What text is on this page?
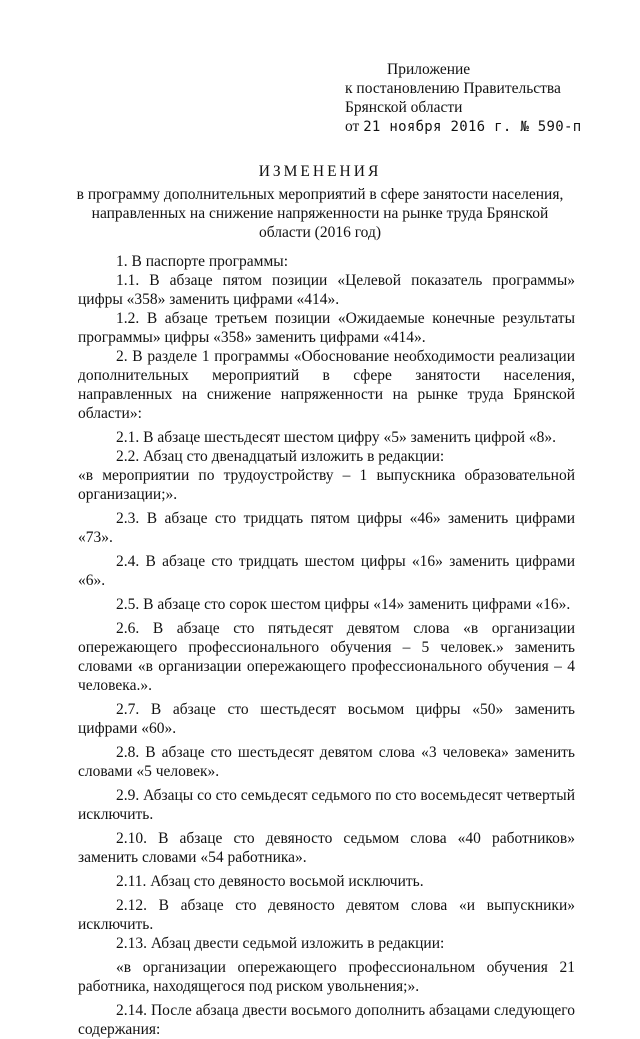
Приложение
к постановлению Правительства
Брянской области
от 21 ноября 2016 г. № 590-п
ИЗМЕНЕНИЯ
в программу дополнительных мероприятий в сфере занятости населения, направленных на снижение напряженности на рынке труда Брянской области (2016 год)

1. В паспорте программы:

1.1. В абзаце пятом позиции «Целевой показатель программы» цифры «358» заменить цифрами «414».

1.2. В абзаце третьем позиции «Ожидаемые конечные результаты программы» цифры «358» заменить цифрами «414».

2. В разделе 1 программы «Обоснование необходимости реализации дополнительных мероприятий в сфере занятости населения, направленных на снижение напряженности на рынке труда Брянской области»:

2.1. В абзаце шестьдесят шестом цифру «5» заменить цифрой «8».

2.2. Абзац сто двенадцатый изложить в редакции:

«в мероприятии по трудоустройству – 1 выпускника образовательной организации;».

2.3. В абзаце сто тридцать пятом цифры «46» заменить цифрами «73».

2.4. В абзаце сто тридцать шестом цифры «16» заменить цифрами «6».

2.5. В абзаце сто сорок шестом цифры «14» заменить цифрами «16».

2.6. В абзаце сто пятьдесят девятом слова «в организации опережающего профессионального обучения – 5 человек.» заменить словами «в организации опережающего профессионального обучения – 4 человека.».

2.7. В абзаце сто шестьдесят восьмом цифры «50» заменить цифрами «60».

2.8. В абзаце сто шестьдесят девятом слова «3 человека» заменить словами «5 человек».

2.9. Абзацы со сто семьдесят седьмого по сто восемьдесят четвертый исключить.

2.10. В абзаце сто девяносто седьмом слова «40 работников» заменить словами «54 работника».

2.11. Абзац сто девяносто восьмой исключить.

2.12. В абзаце сто девяносто девятом слова «и выпускники» исключить.

2.13. Абзац двести седьмой изложить в редакции:

«в организации опережающего профессиональном обучения 21 работника, находящегося под риском увольнения;».

2.14. После абзаца двести восьмого дополнить абзацами следующего содержания:
